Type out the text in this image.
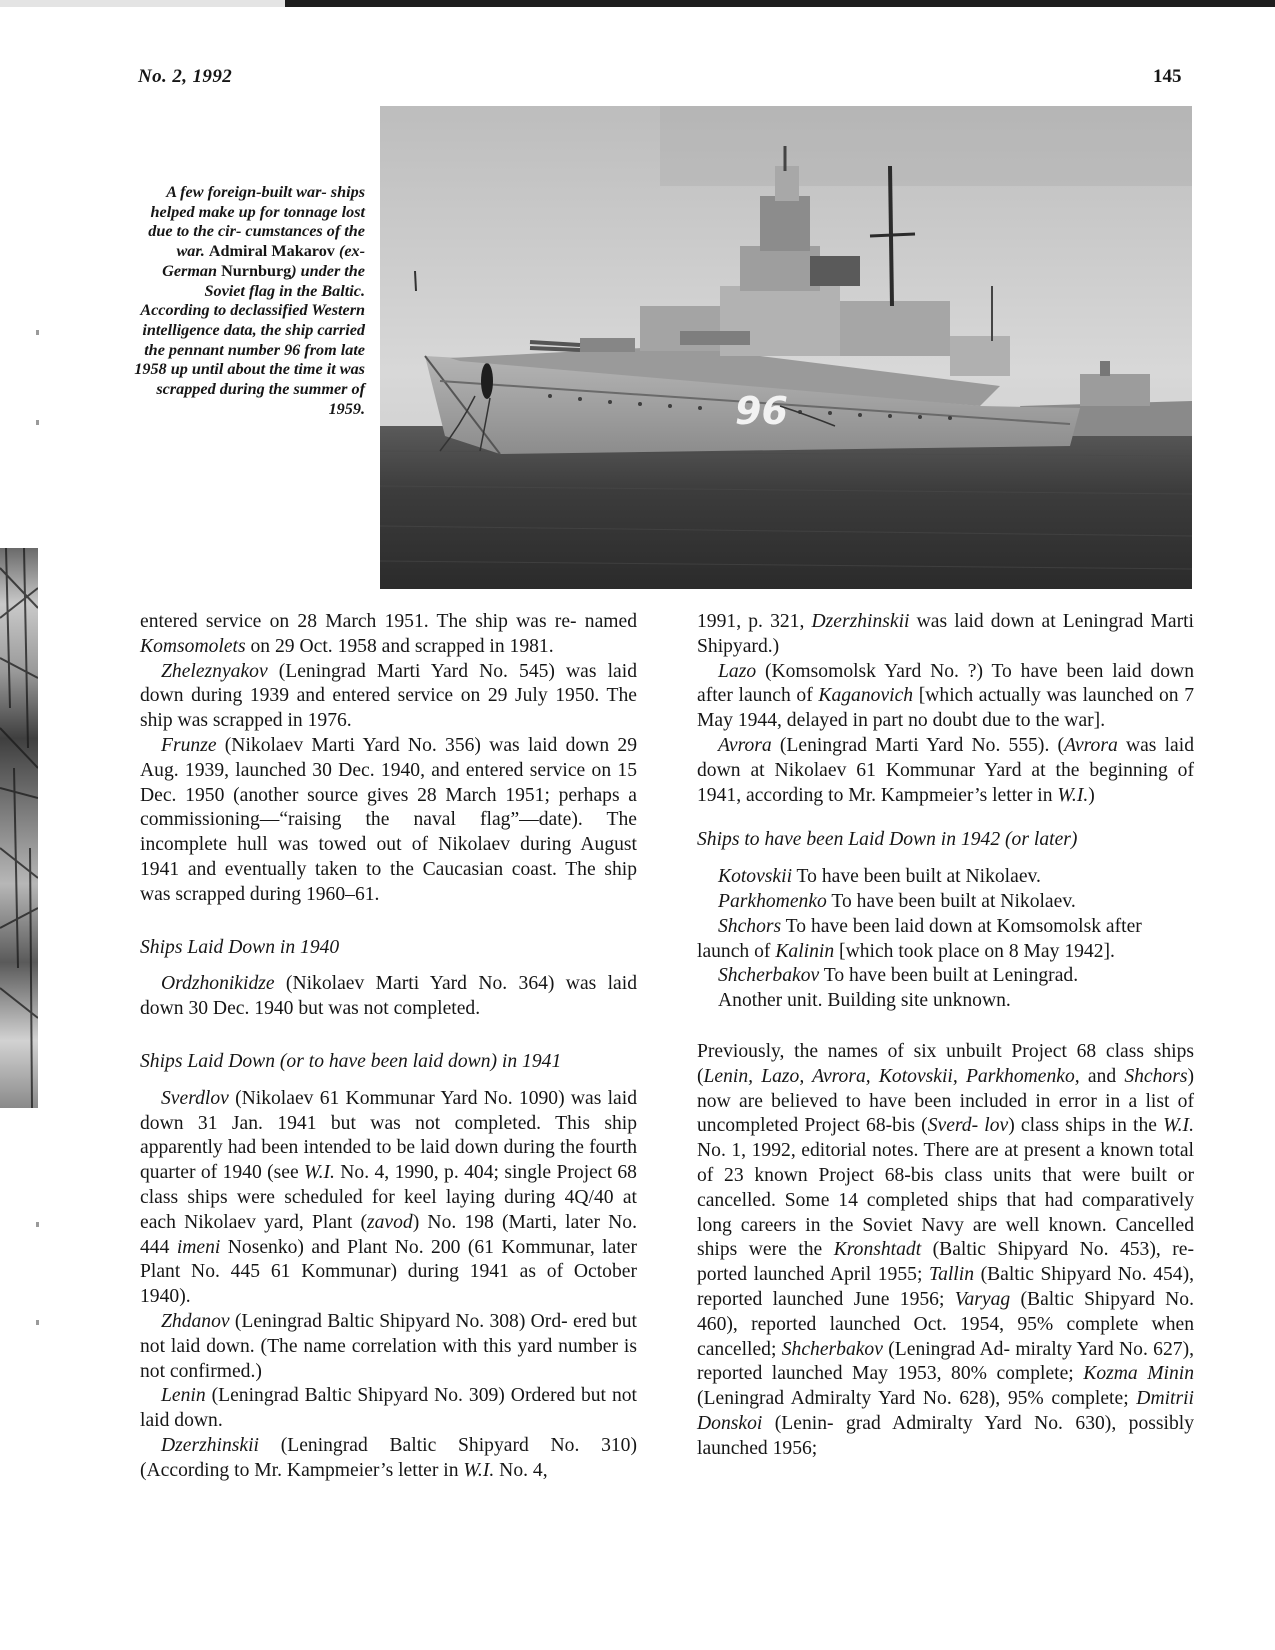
No. 2, 1992	145
A few foreign-built war- ships helped make up for tonnage lost due to the cir- cumstances of the war. Admiral Makarov (ex- German Nurnburg) under the Soviet flag in the Baltic. According to declassified Western intelligence data, the ship carried the pennant number 96 from late 1958 up until about the time it was scrapped during the summer of 1959.	96

entered service on 28 March 1951. The ship was re- named Komsomolets on 29 Oct. 1958 and scrapped in 1981.

Zheleznyakov (Leningrad Marti Yard No. 545) was laid down during 1939 and entered service on 29 July 1950. The ship was scrapped in 1976.

Frunze (Nikolaev Marti Yard No. 356) was laid down 29 Aug. 1939, launched 30 Dec. 1940, and entered service on 15 Dec. 1950 (another source gives 28 March 1951; perhaps a commissioning—“raising the naval flag”—date). The incomplete hull was towed out of Nikolaev during August 1941 and eventually taken to the Caucasian coast. The ship was scrapped during 1960–61.

Ships Laid Down in 1940

Ordzhonikidze (Nikolaev Marti Yard No. 364) was laid down 30 Dec. 1940 but was not completed.

Ships Laid Down (or to have been laid down) in 1941

Sverdlov (Nikolaev 61 Kommunar Yard No. 1090) was laid down 31 Jan. 1941 but was not completed. This ship apparently had been intended to be laid down during the fourth quarter of 1940 (see W.I. No. 4, 1990, p. 404; single Project 68 class ships were scheduled for keel laying during 4Q/40 at each Nikolaev yard, Plant (zavod) No. 198 (Marti, later No. 444 imeni Nosenko) and Plant No. 200 (61 Kommunar, later Plant No. 445 61 Kommunar) during 1941 as of October 1940).

Zhdanov (Leningrad Baltic Shipyard No. 308) Ord- ered but not laid down. (The name correlation with this yard number is not confirmed.)

Lenin (Leningrad Baltic Shipyard No. 309) Ordered but not laid down.

Dzerzhinskii (Leningrad Baltic Shipyard No. 310) (According to Mr. Kampmeier’s letter in W.I. No. 4,

1991, p. 321, Dzerzhinskii was laid down at Leningrad Marti Shipyard.)

Lazo (Komsomolsk Yard No. ?) To have been laid down after launch of Kaganovich [which actually was launched on 7 May 1944, delayed in part no doubt due to the war].

Avrora (Leningrad Marti Yard No. 555). (Avrora was laid down at Nikolaev 61 Kommunar Yard at the beginning of 1941, according to Mr. Kampmeier’s letter in W.I.)

Ships to have been Laid Down in 1942 (or later)

Kotovskii To have been built at Nikolaev.

Parkhomenko To have been built at Nikolaev.

Shchors To have been laid down at Komsomolsk after launch of Kalinin [which took place on 8 May 1942].

Shcherbakov To have been built at Leningrad.

Another unit. Building site unknown.

Previously, the names of six unbuilt Project 68 class ships (Lenin, Lazo, Avrora, Kotovskii, Parkhomenko, and Shchors) now are believed to have been included in error in a list of uncompleted Project 68-bis (Sverd- lov) class ships in the W.I. No. 1, 1992, editorial notes. There are at present a known total of 23 known Project 68-bis class units that were built or cancelled. Some 14 completed ships that had comparatively long careers in the Soviet Navy are well known. Cancelled ships were the Kronshtadt (Baltic Shipyard No. 453), re- ported launched April 1955; Tallin (Baltic Shipyard No. 454), reported launched June 1956; Varyag (Baltic Shipyard No. 460), reported launched Oct. 1954, 95% complete when cancelled; Shcherbakov (Leningrad Ad- miralty Yard No. 627), reported launched May 1953, 80% complete; Kozma Minin (Leningrad Admiralty Yard No. 628), 95% complete; Dmitrii Donskoi (Lenin- grad Admiralty Yard No. 630), possibly launched 1956;
